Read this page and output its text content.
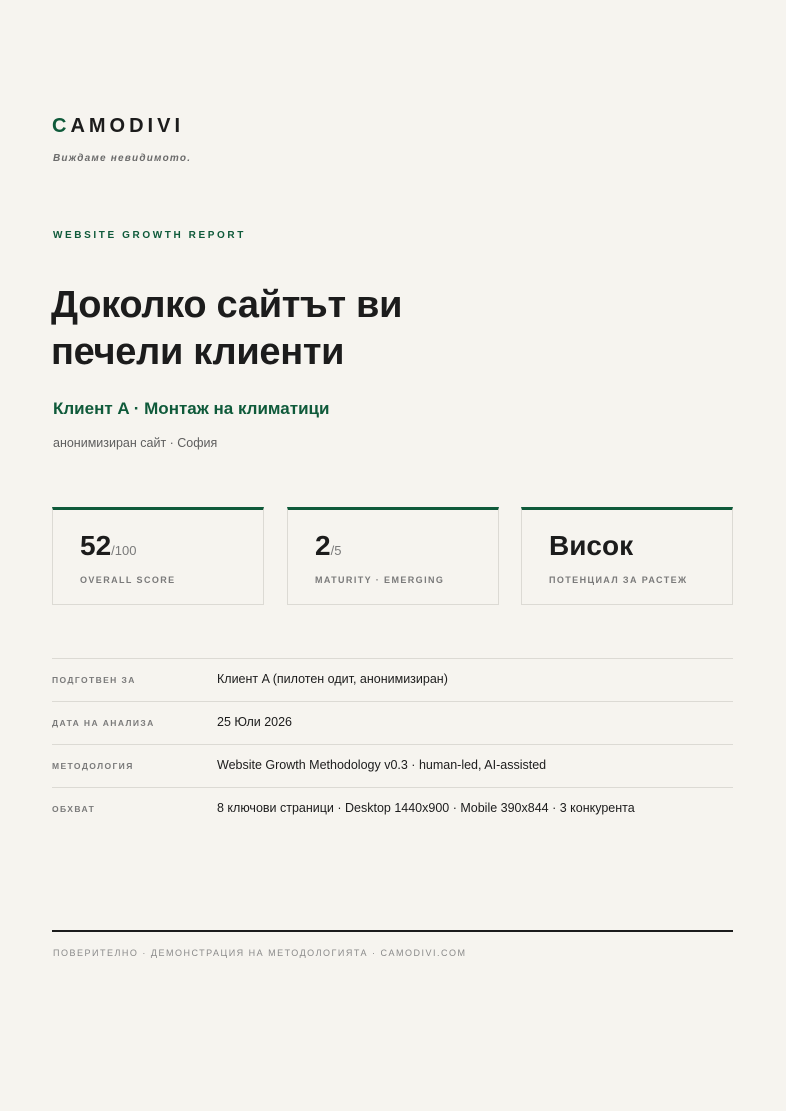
CAMODIVI
Виждаме невидимото.
WEBSITE GROWTH REPORT
Доколко сайтът ви
печели клиенти
Клиент A · Монтаж на климатици
анонимизиран сайт · София
52/100
OVERALL SCORE
2/5
MATURITY · EMERGING
Висок
ПОТЕНЦИАЛ ЗА РАСТЕЖ
ПОДГОТВЕН ЗА	Клиент A (пилотен одит, анонимизиран)
ДАТА НА АНАЛИЗА	25 Юли 2026
МЕТОДОЛОГИЯ	Website Growth Methodology v0.3 · human-led, AI-assisted
ОБХВАТ	8 ключови страници · Desktop 1440x900 · Mobile 390x844 · 3 конкурента
ПОВЕРИТЕЛНО · ДЕМОНСТРАЦИЯ НА МЕТОДОЛОГИЯТА · CAMODIVI.COM
